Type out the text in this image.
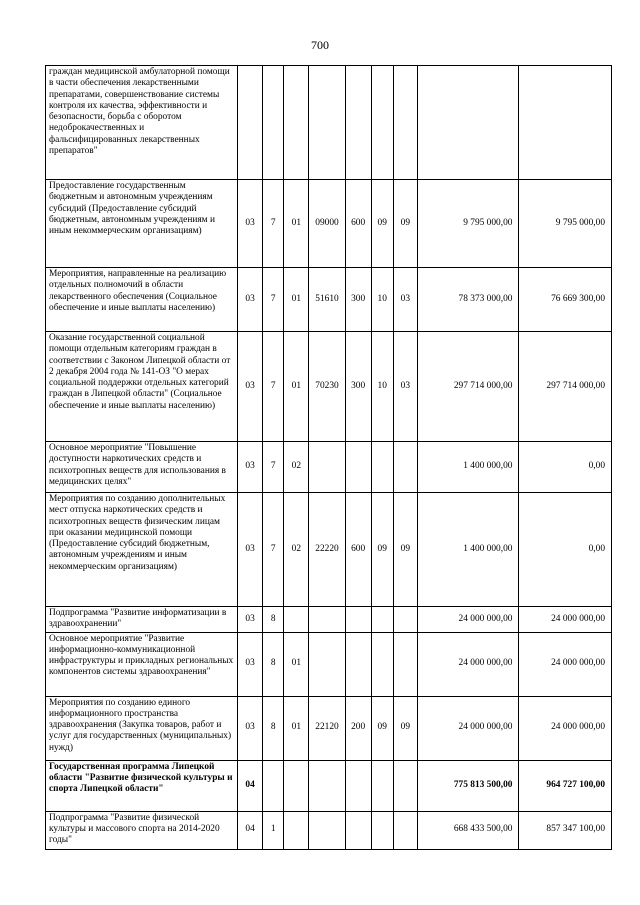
700
граждан медицинской амбулаторной помощи в части обеспечения лекарственными препаратами, совершенствование системы контроля их качества, эффективности и безопасности, борьба с оборотом недоброкачественных и фальсифицированных лекарственных препаратов"									
Предоставление государственным бюджетным и автономным учреждениям субсидий (Предоставление субсидий бюджетным, автономным учреждениям и иным некоммерческим организациям)	03	7	01	09000	600	09	09	9 795 000,00	9 795 000,00
Мероприятия, направленные на реализацию отдельных полномочий в области лекарственного обеспечения (Социальное обеспечение и иные выплаты населению)	03	7	01	51610	300	10	03	78 373 000,00	76 669 300,00
Оказание государственной социальной помощи отдельным категориям граждан в соответствии с Законом Липецкой области от 2 декабря 2004 года № 141-ОЗ "О мерах социальной поддержки отдельных категорий граждан в Липецкой области" (Социальное обеспечение и иные выплаты населению)	03	7	01	70230	300	10	03	297 714 000,00	297 714 000,00
Основное мероприятие "Повышение доступности наркотических средств и психотропных веществ для использования в медицинских целях"	03	7	02					1 400 000,00	0,00
Мероприятия по созданию дополнительных мест отпуска наркотических средств и психотропных веществ физическим лицам при оказании медицинской помощи (Предоставление субсидий бюджетным, автономным учреждениям и иным некоммерческим организациям)	03	7	02	22220	600	09	09	1 400 000,00	0,00
Подпрограмма "Развитие информатизации в здравоохранении"	03	8						24 000 000,00	24 000 000,00
Основное мероприятие "Развитие информационно-коммуникационной инфраструктуры и прикладных региональных компонентов системы здравоохранения"	03	8	01					24 000 000,00	24 000 000,00
Мероприятия по созданию единого информационного пространства здравоохранения (Закупка товаров, работ и услуг для государственных (муниципальных) нужд)	03	8	01	22120	200	09	09	24 000 000,00	24 000 000,00
Государственная программа Липецкой области "Развитие физической культуры и спорта Липецкой области"	04							775 813 500,00	964 727 100,00
Подпрограмма "Развитие физической культуры и массового спорта на 2014-2020 годы"	04	1						668 433 500,00	857 347 100,00
